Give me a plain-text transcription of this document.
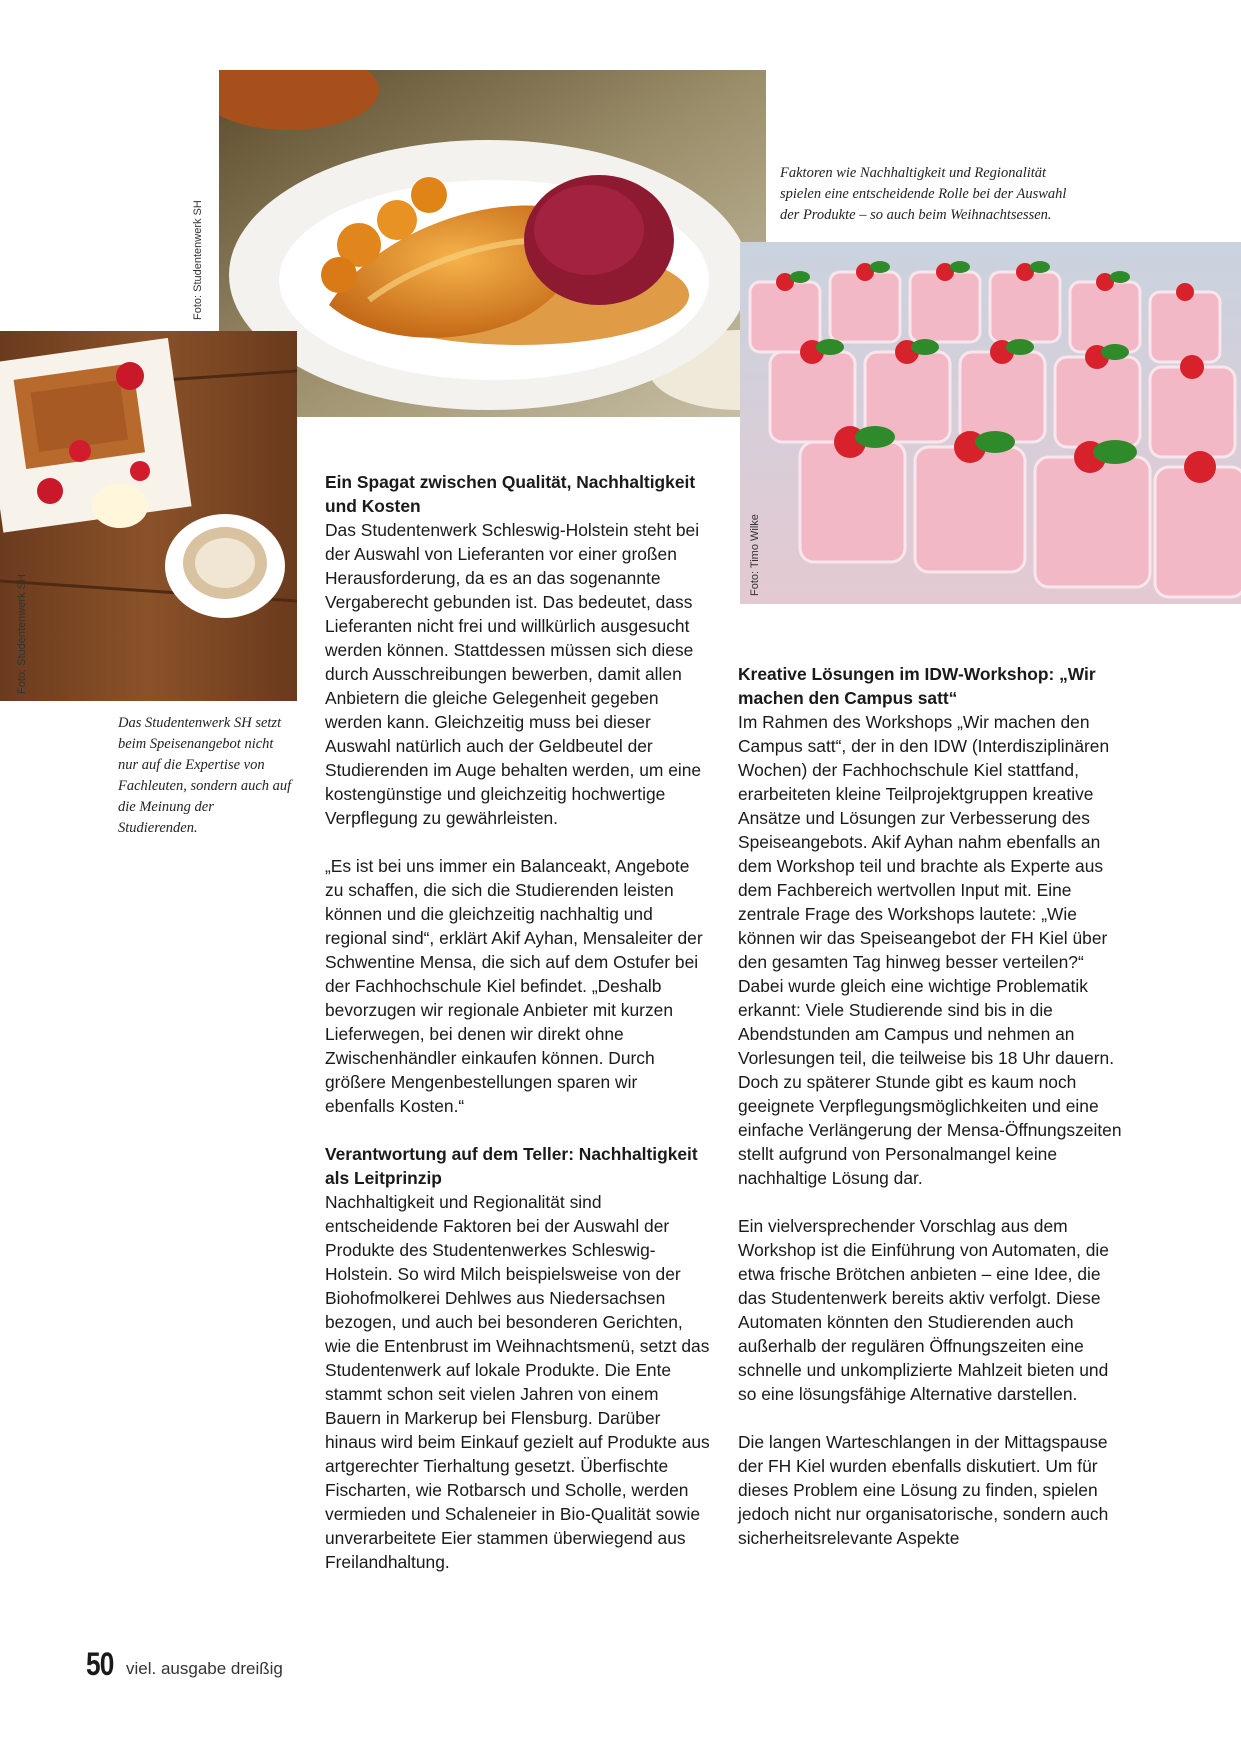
Foto: Studentenwerk SH
Foto: Studentenwerk SH
Foto: Timo Wilke
Faktoren wie Nachhaltigkeit und Regionalität spielen eine entscheidende Rolle bei der Auswahl der Produkte – so auch beim Weihnachtsessen.
Das Studentenwerk SH setzt beim Speisenangebot nicht nur auf die Expertise von Fachleuten, sondern auch auf die Meinung der Studierenden.
Ein Spagat zwischen Qualität, Nachhaltigkeit und Kosten

Das Studentenwerk Schleswig-Holstein steht bei der Auswahl von Lieferanten vor einer großen Herausforderung, da es an das sogenannte Vergaberecht gebunden ist. Das bedeutet, dass Lieferanten nicht frei und willkürlich ausgesucht werden können. Stattdessen müssen sich diese durch Ausschreibungen bewerben, damit allen Anbietern die gleiche Gelegenheit gegeben werden kann. Gleichzeitig muss bei dieser Auswahl natürlich auch der Geldbeutel der Studierenden im Auge behalten werden, um eine kostengünstige und gleichzeitig hochwertige Verpflegung zu gewährleisten.

„Es ist bei uns immer ein Balanceakt, Angebote zu schaffen, die sich die Studierenden leisten können und die gleichzeitig nachhaltig und regional sind“, erklärt Akif Ayhan, Mensaleiter der Schwentine Mensa, die sich auf dem Ostufer bei der Fachhochschule Kiel befindet. „Deshalb bevorzugen wir regionale Anbieter mit kurzen Lieferwegen, bei denen wir direkt ohne Zwischenhändler einkaufen können. Durch größere Mengenbestellungen sparen wir ebenfalls Kosten.“

Verantwortung auf dem Teller: Nachhaltigkeit als Leitprinzip

Nachhaltigkeit und Regionalität sind entscheidende Faktoren bei der Auswahl der Produkte des Studentenwerkes Schleswig-Holstein. So wird Milch beispielsweise von der Biohofmolkerei Dehlwes aus Niedersachsen bezogen, und auch bei besonderen Gerichten, wie die Entenbrust im Weihnachtsmenü, setzt das Studentenwerk auf lokale Produkte. Die Ente stammt schon seit vielen Jahren von einem Bauern in Markerup bei Flensburg. Darüber hinaus wird beim Einkauf gezielt auf Produkte aus artgerechter Tierhaltung gesetzt. Überfischte Fischarten, wie Rotbarsch und Scholle, werden vermieden und Schaleneier in Bio-Qualität sowie unverarbeitete Eier stammen überwiegend aus Freilandhaltung.

Kreative Lösungen im IDW-Workshop: „Wir machen den Campus satt“

Im Rahmen des Workshops „Wir machen den Campus satt“, der in den IDW (Interdisziplinären Wochen) der Fachhochschule Kiel stattfand, erarbeiteten kleine Teilprojektgruppen kreative Ansätze und Lösungen zur Verbesserung des Speiseangebots. Akif Ayhan nahm ebenfalls an dem Workshop teil und brachte als Experte aus dem Fachbereich wertvollen Input mit. Eine zentrale Frage des Workshops lautete: „Wie können wir das Speiseangebot der FH Kiel über den gesamten Tag hinweg besser verteilen?“ Dabei wurde gleich eine wichtige Problematik erkannt: Viele Studierende sind bis in die Abendstunden am Campus und nehmen an Vorlesungen teil, die teilweise bis 18 Uhr dauern. Doch zu späterer Stunde gibt es kaum noch geeignete Verpflegungsmöglichkeiten und eine einfache Verlängerung der Mensa-Öffnungszeiten stellt aufgrund von Personalmangel keine nachhaltige Lösung dar.

Ein vielversprechender Vorschlag aus dem Workshop ist die Einführung von Automaten, die etwa frische Brötchen anbieten – eine Idee, die das Studentenwerk bereits aktiv verfolgt. Diese Automaten könnten den Studierenden auch außerhalb der regulären Öffnungszeiten eine schnelle und unkomplizierte Mahlzeit bieten und so eine lösungsfähige Alternative darstellen.

Die langen Warteschlangen in der Mittagspause der FH Kiel wurden ebenfalls diskutiert. Um für dieses Problem eine Lösung zu finden, spielen jedoch nicht nur organisatorische, sondern auch sicherheitsrelevante Aspekte

50 viel. ausgabe dreißig
